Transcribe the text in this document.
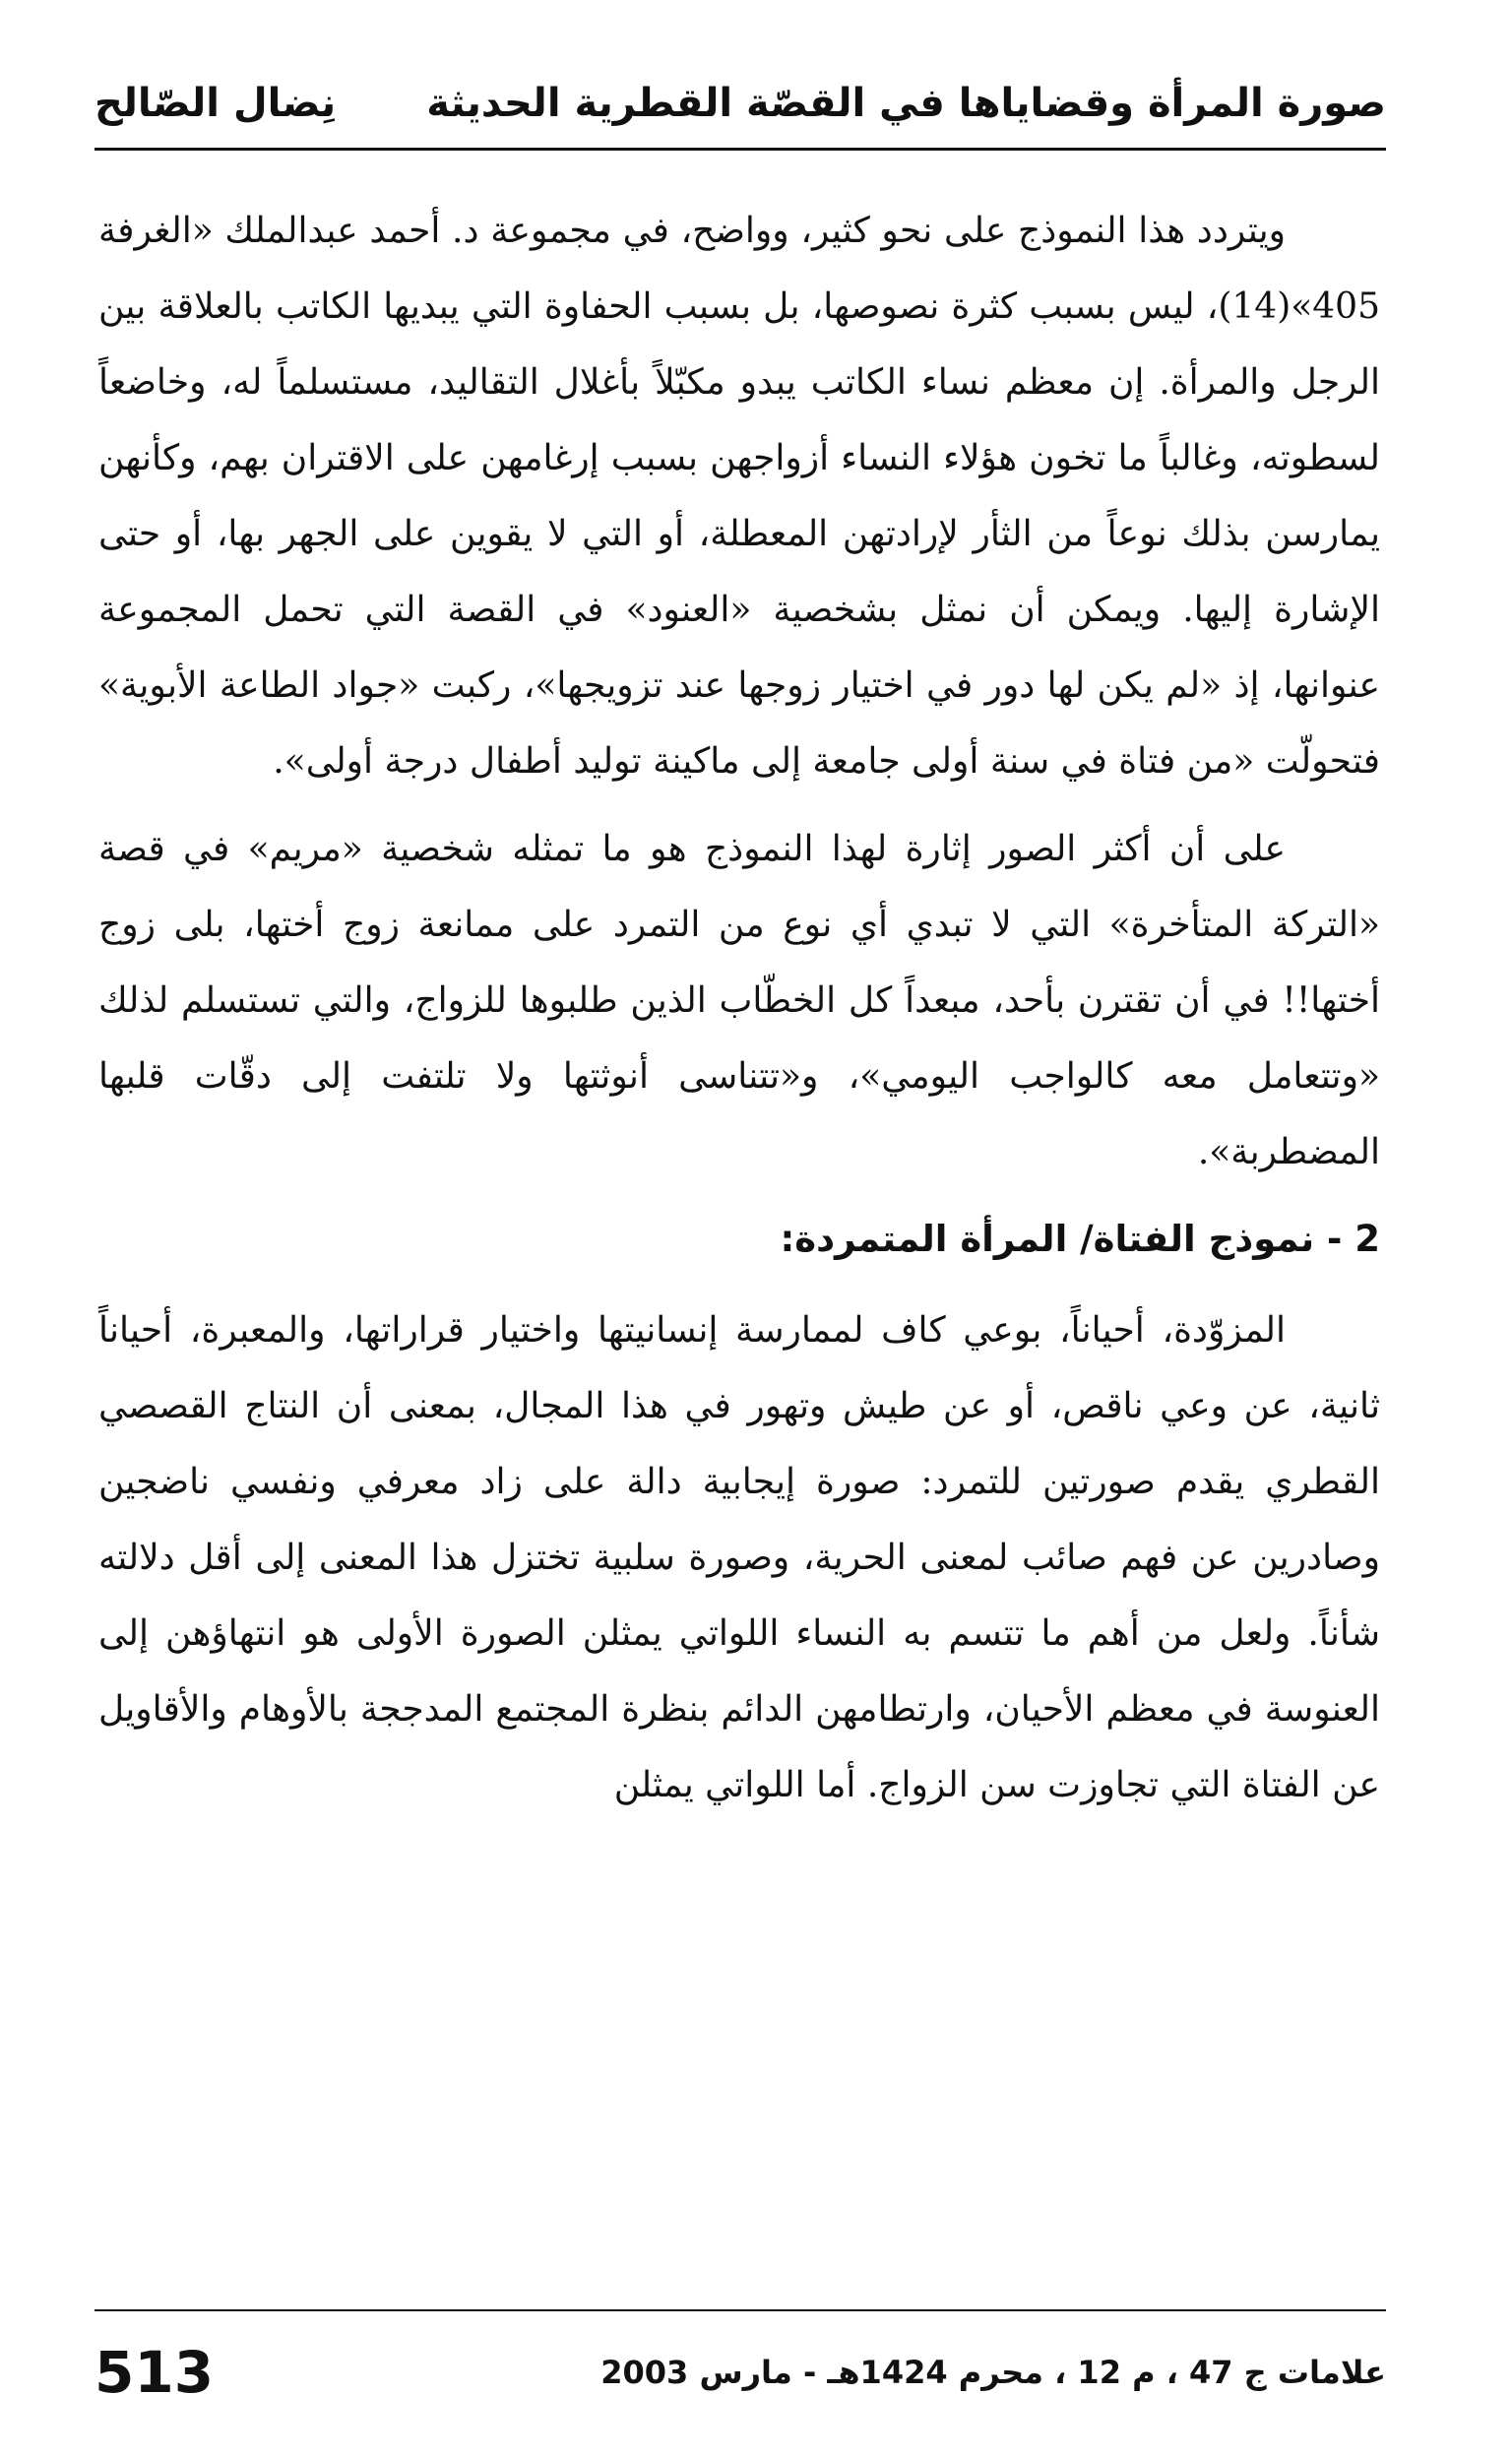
صورة المرأة وقضاياها في القصّة القطرية الحديثة
نِضال الصّالح

ويتردد هذا النموذج على نحو كثير، وواضح، في مجموعة د. أحمد عبدالملك «الغرفة 405»(14)، ليس بسبب كثرة نصوصها، بل بسبب الحفاوة التي يبديها الكاتب بالعلاقة بين الرجل والمرأة. إن معظم نساء الكاتب يبدو مكبّلاً بأغلال التقاليد، مستسلماً له، وخاضعاً لسطوته، وغالباً ما تخون هؤلاء النساء أزواجهن بسبب إرغامهن على الاقتران بهم، وكأنهن يمارسن بذلك نوعاً من الثأر لإرادتهن المعطلة، أو التي لا يقوين على الجهر بها، أو حتى الإشارة إليها. ويمكن أن نمثل بشخصية «العنود» في القصة التي تحمل المجموعة عنوانها، إذ «لم يكن لها دور في اختيار زوجها عند تزويجها»، ركبت «جواد الطاعة الأبوية» فتحولّت «من فتاة في سنة أولى جامعة إلى ماكينة توليد أطفال درجة أولى».

على أن أكثر الصور إثارة لهذا النموذج هو ما تمثله شخصية «مريم» في قصة «التركة المتأخرة» التي لا تبدي أي نوع من التمرد على ممانعة زوج أختها، بلى زوج أختها!! في أن تقترن بأحد، مبعداً كل الخطّاب الذين طلبوها للزواج، والتي تستسلم لذلك «وتتعامل معه كالواجب اليومي»، و«تتناسى أنوثتها ولا تلتفت إلى دقّات قلبها المضطربة».

2 - نموذج الفتاة/ المرأة المتمردة:

المزوّدة، أحياناً، بوعي كاف لممارسة إنسانيتها واختيار قراراتها، والمعبرة، أحياناً ثانية، عن وعي ناقص، أو عن طيش وتهور في هذا المجال، بمعنى أن النتاج القصصي القطري يقدم صورتين للتمرد: صورة إيجابية دالة على زاد معرفي ونفسي ناضجين وصادرين عن فهم صائب لمعنى الحرية، وصورة سلبية تختزل هذا المعنى إلى أقل دلالته شأناً. ولعل من أهم ما تتسم به النساء اللواتي يمثلن الصورة الأولى هو انتهاؤهن إلى العنوسة في معظم الأحيان، وارتطامهن الدائم بنظرة المجتمع المدججة بالأوهام والأقاويل عن الفتاة التي تجاوزت سن الزواج. أما اللواتي يمثلن

513	علامات ج 47 ، م 12 ، محرم 1424هـ - مارس 2003
